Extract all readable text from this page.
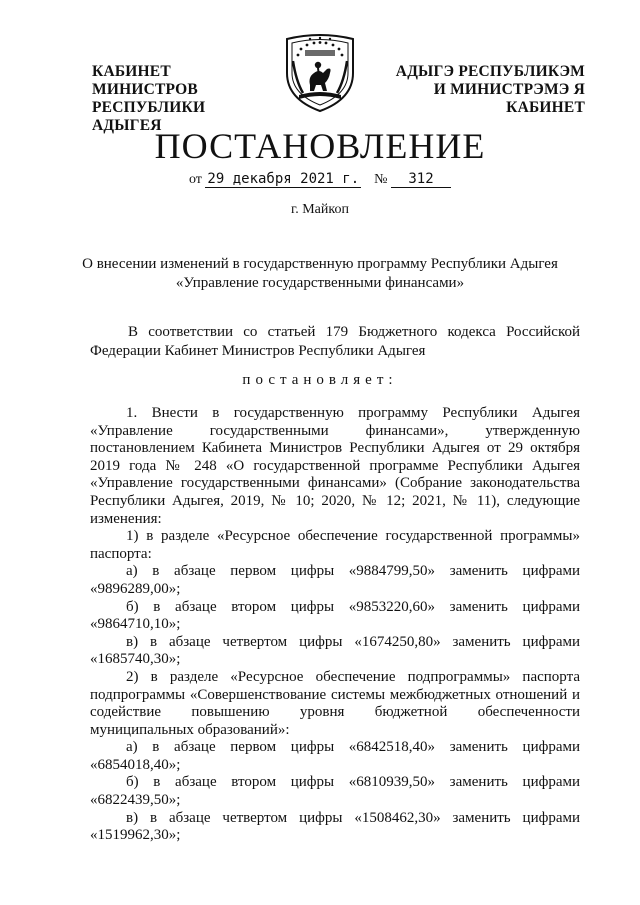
КАБИНЕТ МИНИСТРОВ
РЕСПУБЛИКИ АДЫГЕЯ
АДЫГЭ РЕСПУБЛИКЭМ
И МИНИСТРЭМЭ Я КАБИНЕТ
ПОСТАНОВЛЕНИЕ
от 29 декабря 2021 г. № 312
г. Майкоп
О внесении изменений в государственную программу Республики Адыгея
«Управление государственными финансами»
В соответствии со статьей 179 Бюджетного кодекса Российской Федерации Кабинет Министров Республики Адыгея
постановляет:

1. Внести в государственную программу Республики Адыгея «Управление государственными финансами», утвержденную постановлением Кабинета Министров Республики Адыгея от 29 октября 2019 года № 248 «О государственной программе Республики Адыгея «Управление государственными финансами» (Собрание законодательства Республики Адыгея, 2019, № 10; 2020, № 12; 2021, № 11), следующие изменения:

1) в разделе «Ресурсное обеспечение государственной программы» паспорта:

а) в абзаце первом цифры «9884799,50» заменить цифрами «9896289,00»;

б) в абзаце втором цифры «9853220,60» заменить цифрами «9864710,10»;

в) в абзаце четвертом цифры «1674250,80» заменить цифрами «1685740,30»;

2) в разделе «Ресурсное обеспечение подпрограммы» паспорта подпрограммы «Совершенствование системы межбюджетных отношений и содействие повышению уровня бюджетной обеспеченности муниципальных образований»:

а) в абзаце первом цифры «6842518,40» заменить цифрами «6854018,40»;

б) в абзаце втором цифры «6810939,50» заменить цифрами «6822439,50»;

в) в абзаце четвертом цифры «1508462,30» заменить цифрами «1519962,30»;
